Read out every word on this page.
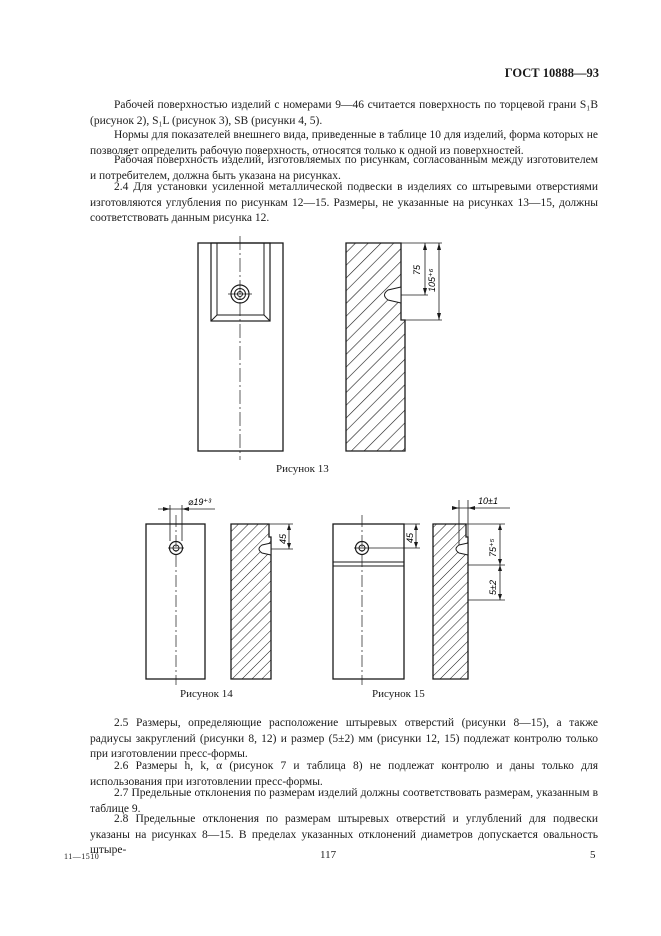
ГОСТ 10888—93

Рабочей поверхностью изделий с номерами 9—46 считается поверхность по торцевой грани S₁B (рисунок 2), S₁L (рисунок 3), SB (рисунки 4, 5).

Нормы для показателей внешнего вида, приведенные в таблице 10 для изделий, форма которых не позволяет определить рабочую поверхность, относятся только к одной из поверхностей.

Рабочая поверхность изделий, изготовляемых по рисункам, согласованным между изготовителем и потребителем, должна быть указана на рисунках.

2.4 Для установки усиленной металлической подвески в изделиях со штыревыми отверстиями изготовляются углубления по рисункам 12—15. Размеры, не указанные на рисунках 13—15, должны соответствовать данным рисунка 12.

75 105⁺⁶
⌀19⁺³
45	45
10±1
75⁺⁵
5±2
Рисунок 13
Рисунок 14	Рисунок 15

2.5 Размеры, определяющие расположение штыревых отверстий (рисунки 8—15), а также радиусы закруглений (рисунки 8, 12) и размер (5±2) мм (рисунки 12, 15) подлежат контролю только при изготовлении пресс-формы.

2.6 Размеры h, k, α (рисунок 7 и таблица 8) не подлежат контролю и даны только для использования при изготовлении пресс-формы.

2.7 Предельные отклонения по размерам изделий должны соответствовать размерам, указанным в таблице 9.

2.8 Предельные отклонения по размерам штыревых отверстий и углублений для подвески указаны на рисунках 8—15. В пределах указанных отклонений диаметров допускается овальность штыре-

11—1510	117	5
